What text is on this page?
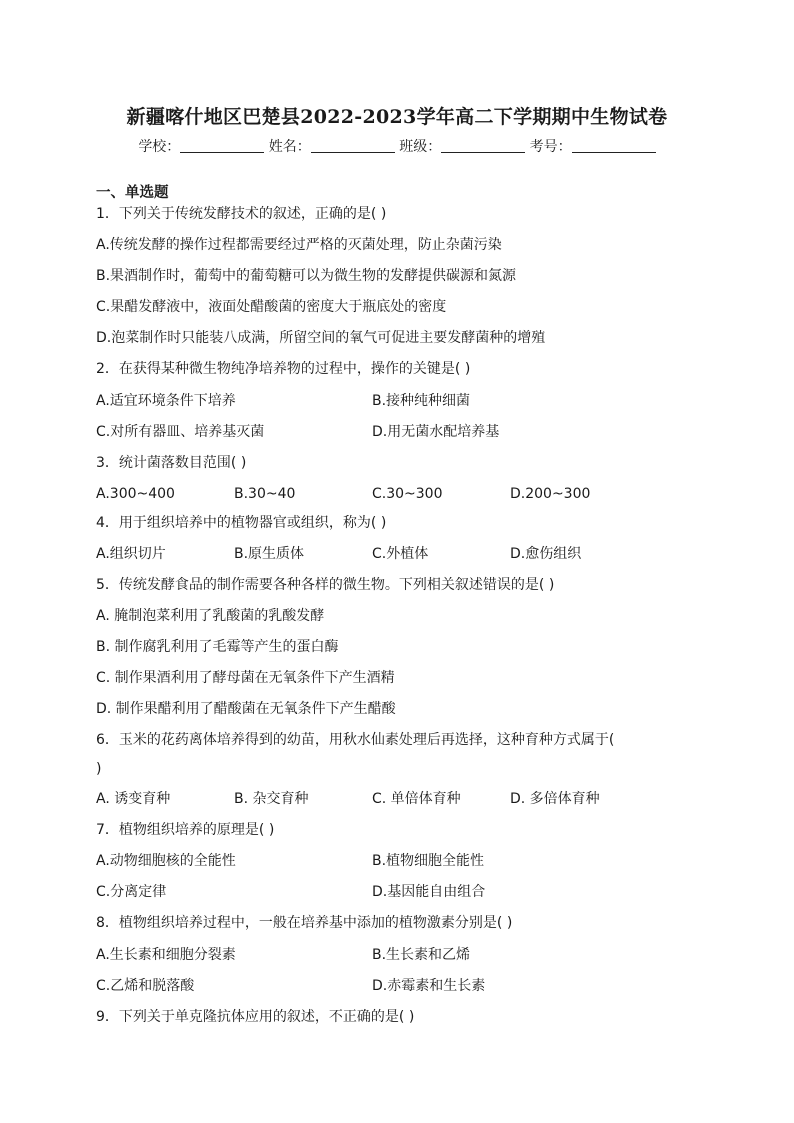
新疆喀什地区巴楚县2022-2023学年高二下学期期中生物试卷
学校：	姓名：	班级：	考号：
一、单选题
1．下列关于传统发酵技术的叙述，正确的是( )
A.传统发酵的操作过程都需要经过严格的灭菌处理，防止杂菌污染
B.果酒制作时，葡萄中的葡萄糖可以为微生物的发酵提供碳源和氮源
C.果醋发酵液中，液面处醋酸菌的密度大于瓶底处的密度
D.泡菜制作时只能装八成满，所留空间的氧气可促进主要发酵菌种的增殖
2．在获得某种微生物纯净培养物的过程中，操作的关键是( )
A.适宜环境条件下培养	B.接种纯种细菌
C.对所有器皿、培养基灭菌	D.用无菌水配培养基
3．统计菌落数目范围( )
A.300~400	B.30~40	C.30~300	D.200~300
4．用于组织培养中的植物器官或组织，称为( )
A.组织切片	B.原生质体	C.外植体	D.愈伤组织
5．传统发酵食品的制作需要各种各样的微生物。下列相关叙述错误的是( )
A. 腌制泡菜利用了乳酸菌的乳酸发酵
B. 制作腐乳利用了毛霉等产生的蛋白酶
C. 制作果酒利用了酵母菌在无氧条件下产生酒精
D. 制作果醋利用了醋酸菌在无氧条件下产生醋酸
6．玉米的花药离体培养得到的幼苗，用秋水仙素处理后再选择，这种育种方式属于(
)
A. 诱变育种	B. 杂交育种	C. 单倍体育种	D. 多倍体育种
7．植物组织培养的原理是( )
A.动物细胞核的全能性	B.植物细胞全能性
C.分离定律	D.基因能自由组合
8．植物组织培养过程中，一般在培养基中添加的植物激素分别是( )
A.生长素和细胞分裂素	B.生长素和乙烯
C.乙烯和脱落酸	D.赤霉素和生长素
9．下列关于单克隆抗体应用的叙述，不正确的是( )
